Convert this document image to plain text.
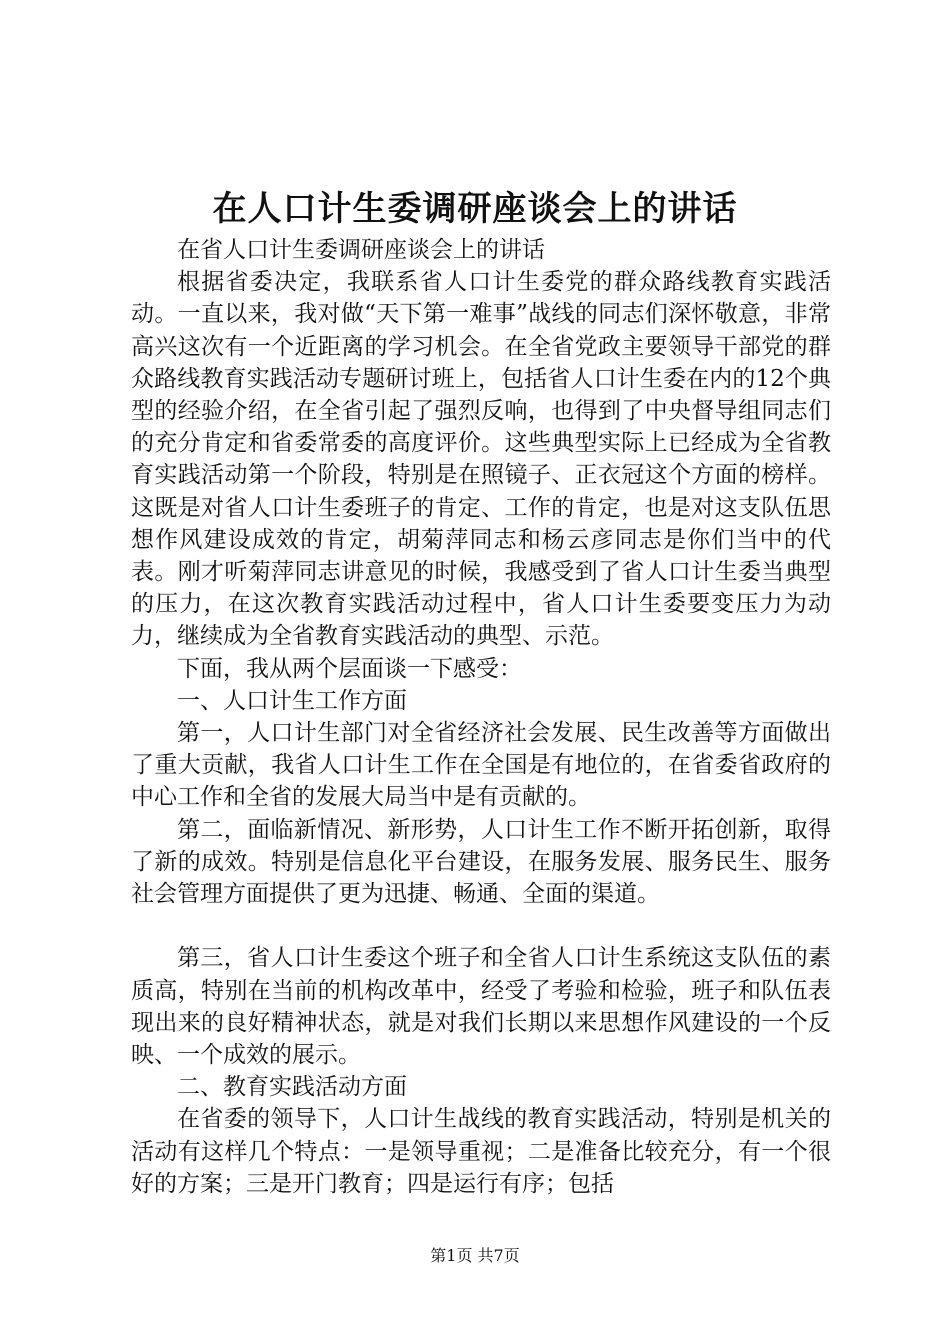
在人口计生委调研座谈会上的讲话

在省人口计生委调研座谈会上的讲话

根据省委决定，我联系省人口计生委党的群众路线教育实践活动。一直以来，我对做“天下第一难事”战线的同志们深怀敬意，非常高兴这次有一个近距离的学习机会。在全省党政主要领导干部党的群众路线教育实践活动专题研讨班上，包括省人口计生委在内的12个典型的经验介绍，在全省引起了强烈反响，也得到了中央督导组同志们的充分肯定和省委常委的高度评价。这些典型实际上已经成为全省教育实践活动第一个阶段，特别是在照镜子、正衣冠这个方面的榜样。这既是对省人口计生委班子的肯定、工作的肯定，也是对这支队伍思想作风建设成效的肯定，胡菊萍同志和杨云彦同志是你们当中的代表。刚才听菊萍同志讲意见的时候，我感受到了省人口计生委当典型的压力，在这次教育实践活动过程中，省人口计生委要变压力为动力，继续成为全省教育实践活动的典型、示范。

下面，我从两个层面谈一下感受：

一、人口计生工作方面

第一，人口计生部门对全省经济社会发展、民生改善等方面做出了重大贡献，我省人口计生工作在全国是有地位的，在省委省政府的中心工作和全省的发展大局当中是有贡献的。

第二，面临新情况、新形势，人口计生工作不断开拓创新，取得了新的成效。特别是信息化平台建设，在服务发展、服务民生、服务社会管理方面提供了更为迅捷、畅通、全面的渠道。

第三，省人口计生委这个班子和全省人口计生系统这支队伍的素质高，特别在当前的机构改革中，经受了考验和检验，班子和队伍表现出来的良好精神状态，就是对我们长期以来思想作风建设的一个反映、一个成效的展示。

二、教育实践活动方面

在省委的领导下，人口计生战线的教育实践活动，特别是机关的活动有这样几个特点：一是领导重视；二是准备比较充分，有一个很好的方案；三是开门教育；四是运行有序；包括

第1页 共7页
